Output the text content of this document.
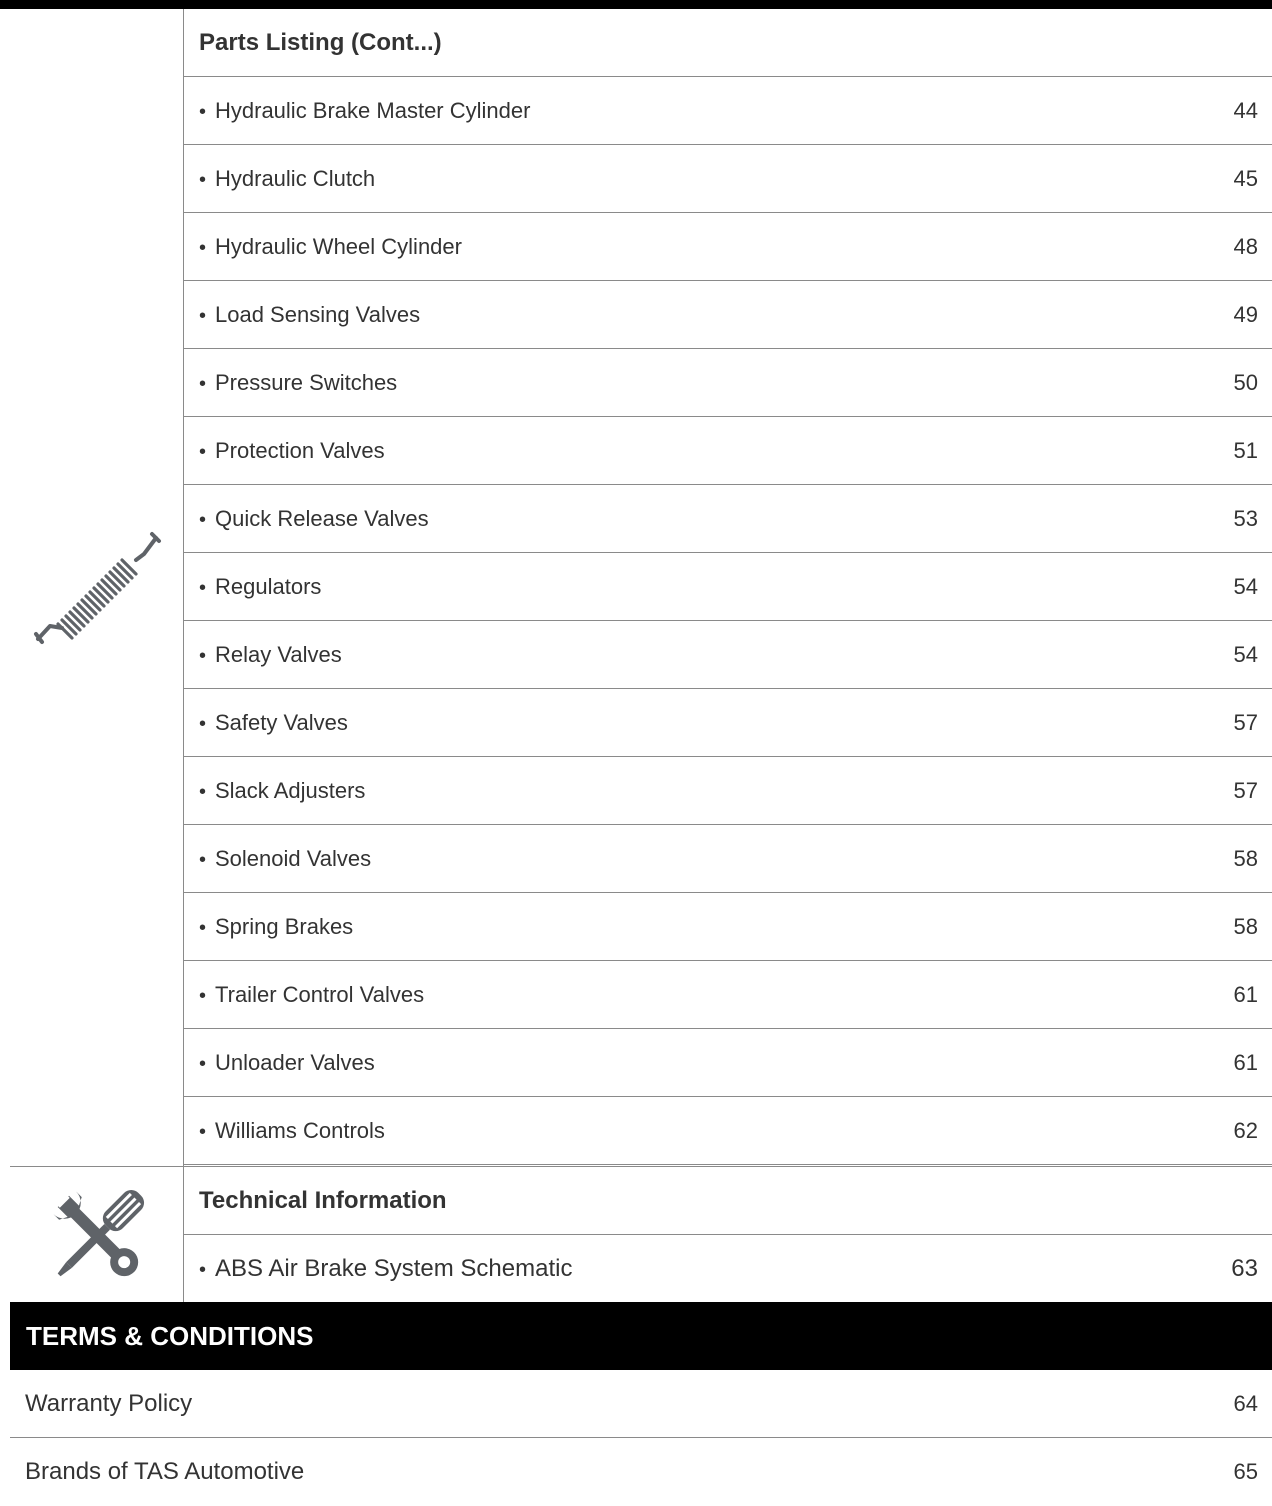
Parts Listing (Cont...)
• Hydraulic Brake Master Cylinder	44
• Hydraulic Clutch	45
• Hydraulic Wheel Cylinder	48
• Load Sensing Valves	49
• Pressure Switches	50
• Protection Valves	51
• Quick Release Valves	53
• Regulators	54
• Relay Valves	54
• Safety Valves	57
• Slack Adjusters	57
• Solenoid Valves	58
• Spring Brakes	58
• Trailer Control Valves	61
• Unloader Valves	61
• Williams Controls	62
Technical Information
• ABS Air Brake System Schematic	63
TERMS & CONDITIONS
Warranty Policy	64
Brands of TAS Automotive	65
